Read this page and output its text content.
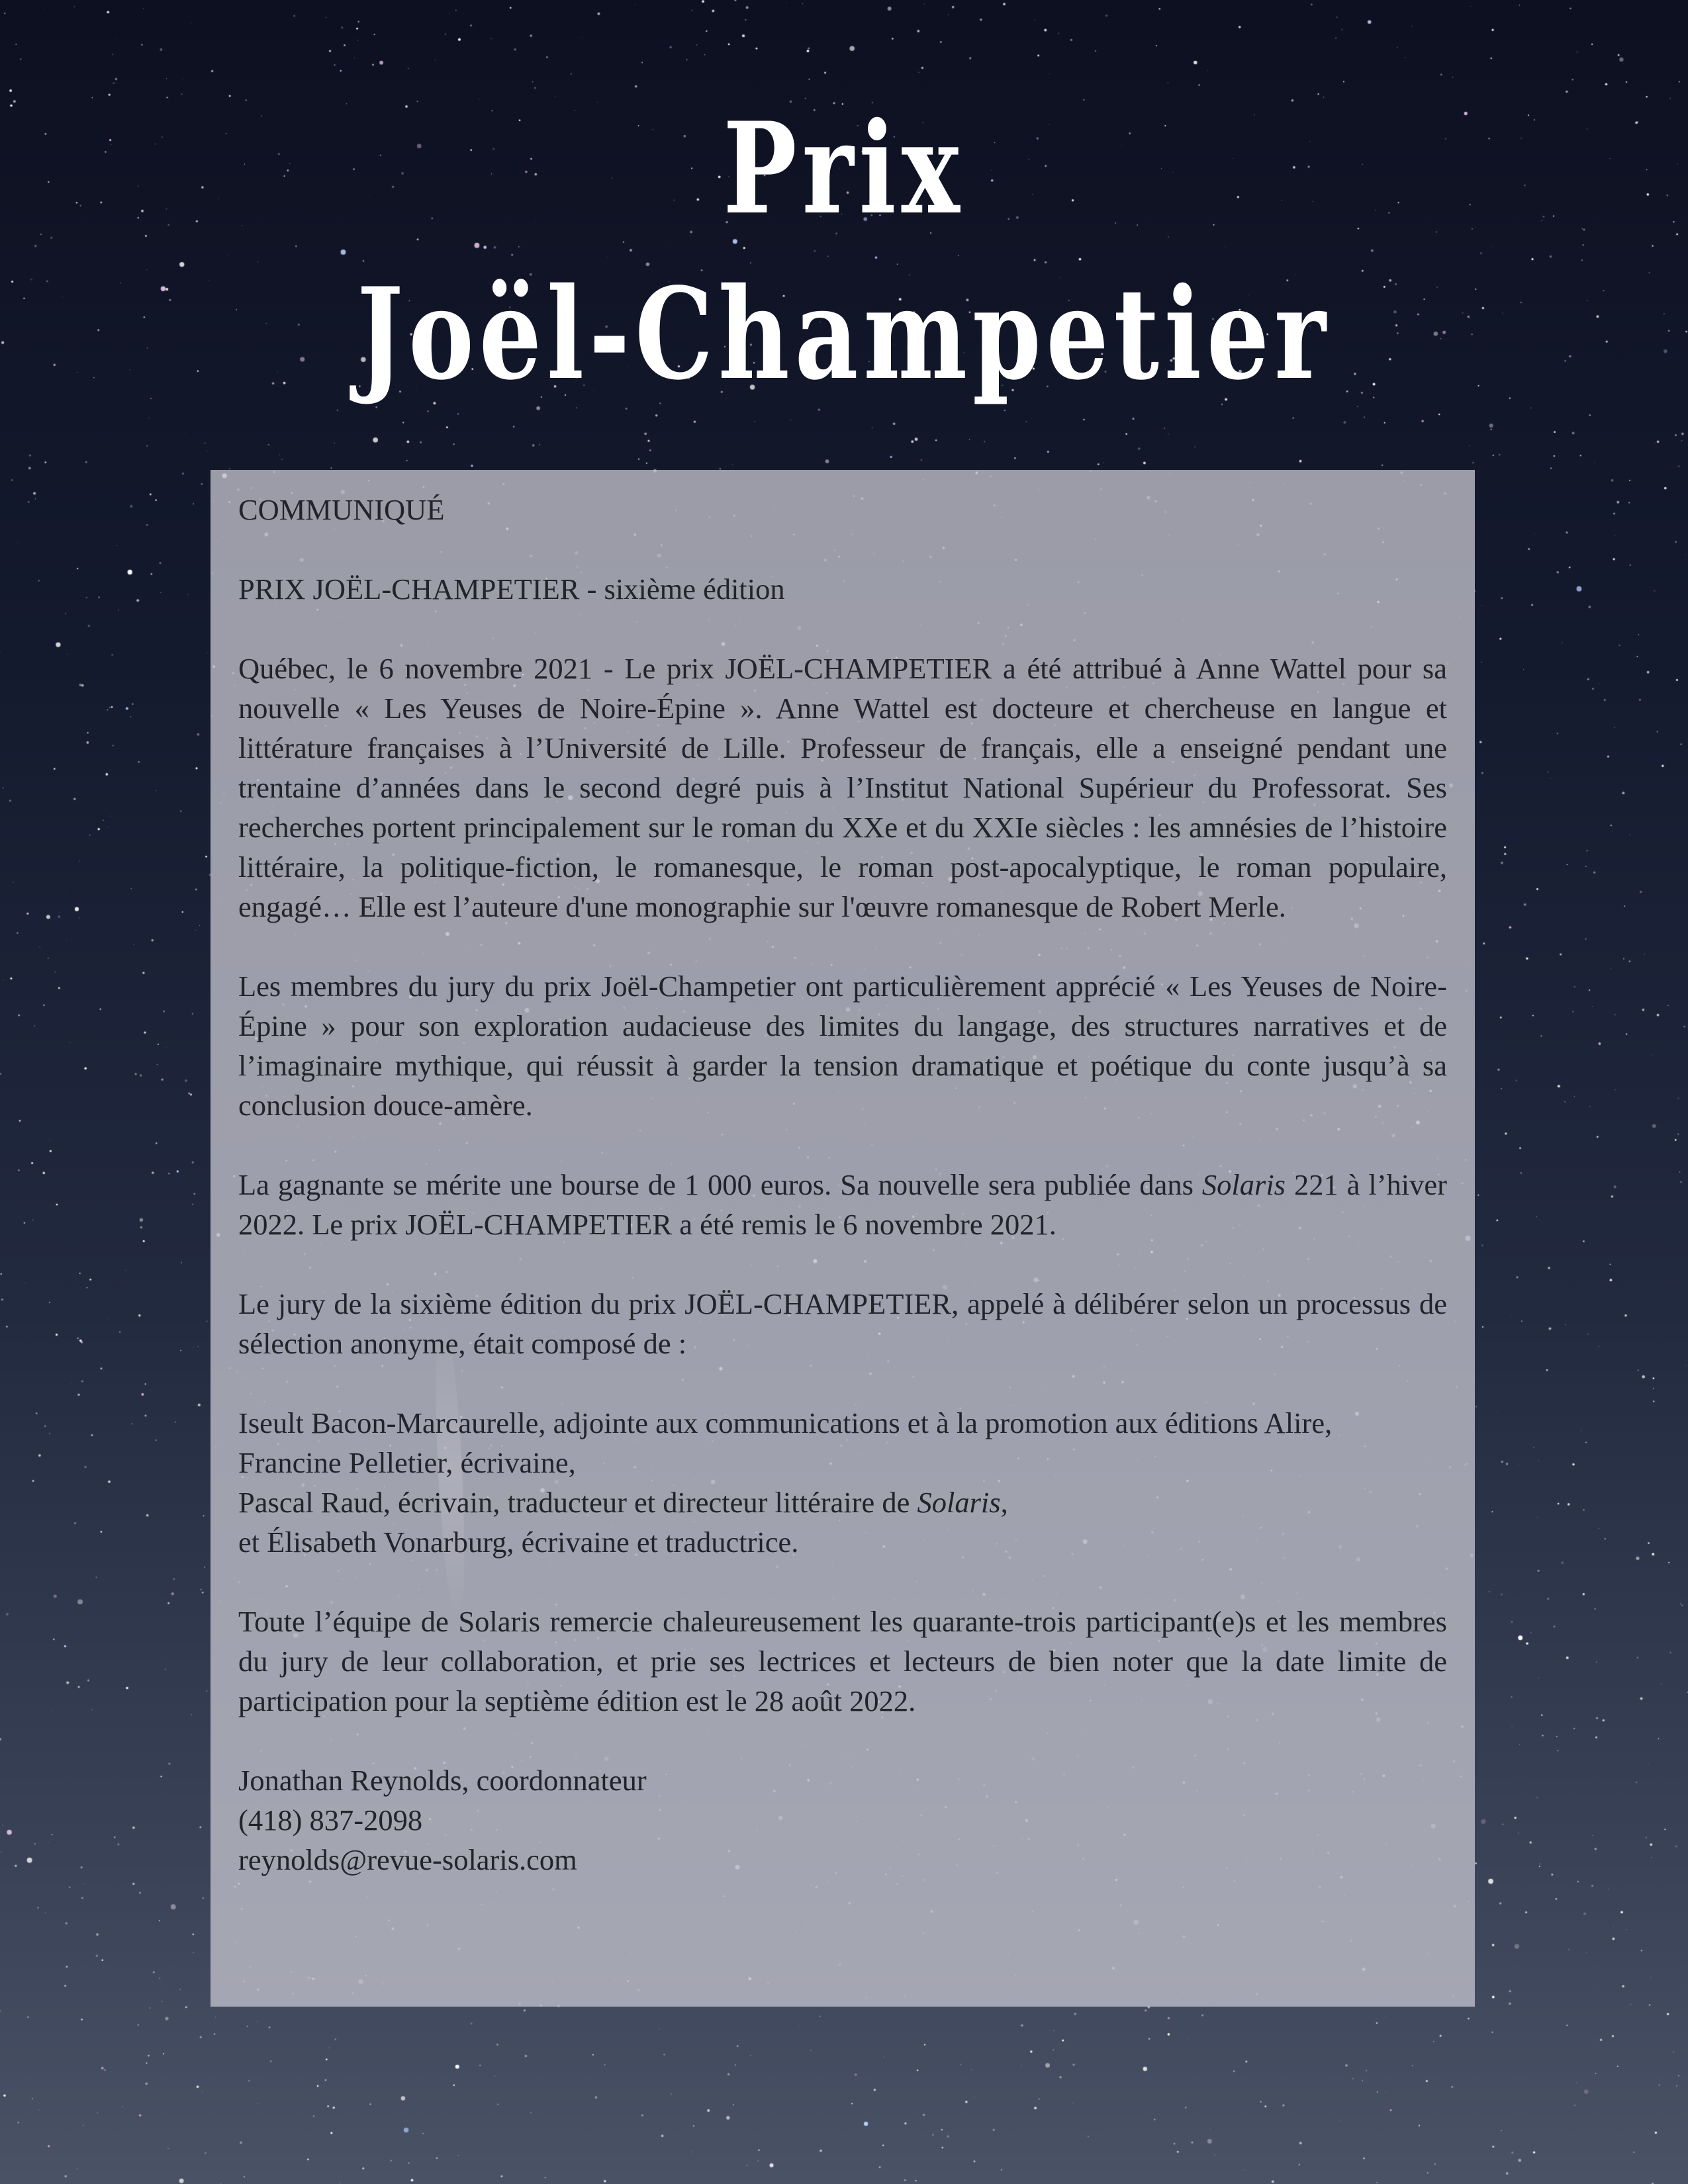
Prix
Joël-Champetier

COMMUNIQUÉ

PRIX JOËL-CHAMPETIER - sixième édition

Québec, le 6 novembre 2021 - Le prix JOËL-CHAMPETIER a été attribué à Anne Wattel pour sa nouvelle « Les Yeuses de Noire-Épine ». Anne Wattel est docteure et chercheuse en langue et littérature françaises à l’Université de Lille. Professeur de français, elle a enseigné pendant une trentaine d’années dans le second degré puis à l’Institut National Supérieur du Professorat. Ses recherches portent principalement sur le roman du XXe et du XXIe siècles : les amnésies de l’histoire littéraire, la politique-fiction, le romanesque, le roman post-apocalyptique, le roman populaire, engagé… Elle est l’auteure d'une monographie sur l'œuvre romanesque de Robert Merle.

Les membres du jury du prix Joël-Champetier ont particulièrement apprécié « Les Yeuses de Noire-Épine » pour son exploration audacieuse des limites du langage, des structures narratives et de l’imaginaire mythique, qui réussit à garder la tension dramatique et poétique du conte jusqu’à sa conclusion douce-amère.

La gagnante se mérite une bourse de 1 000 euros. Sa nouvelle sera publiée dans Solaris 221 à l’hiver 2022. Le prix JOËL-CHAMPETIER a été remis le 6 novembre 2021.

Le jury de la sixième édition du prix JOËL-CHAMPETIER, appelé à délibérer selon un processus de sélection anonyme, était composé de :

Iseult Bacon-Marcaurelle, adjointe aux communications et à la promotion aux éditions Alire,
Francine Pelletier, écrivaine,
Pascal Raud, écrivain, traducteur et directeur littéraire de Solaris,
et Élisabeth Vonarburg, écrivaine et traductrice.

Toute l’équipe de Solaris remercie chaleureusement les quarante-trois participant(e)s et les membres du jury de leur collaboration, et prie ses lectrices et lecteurs de bien noter que la date limite de participation pour la septième édition est le 28 août 2022.

Jonathan Reynolds, coordonnateur
(418) 837-2098
reynolds@revue-solaris.com
